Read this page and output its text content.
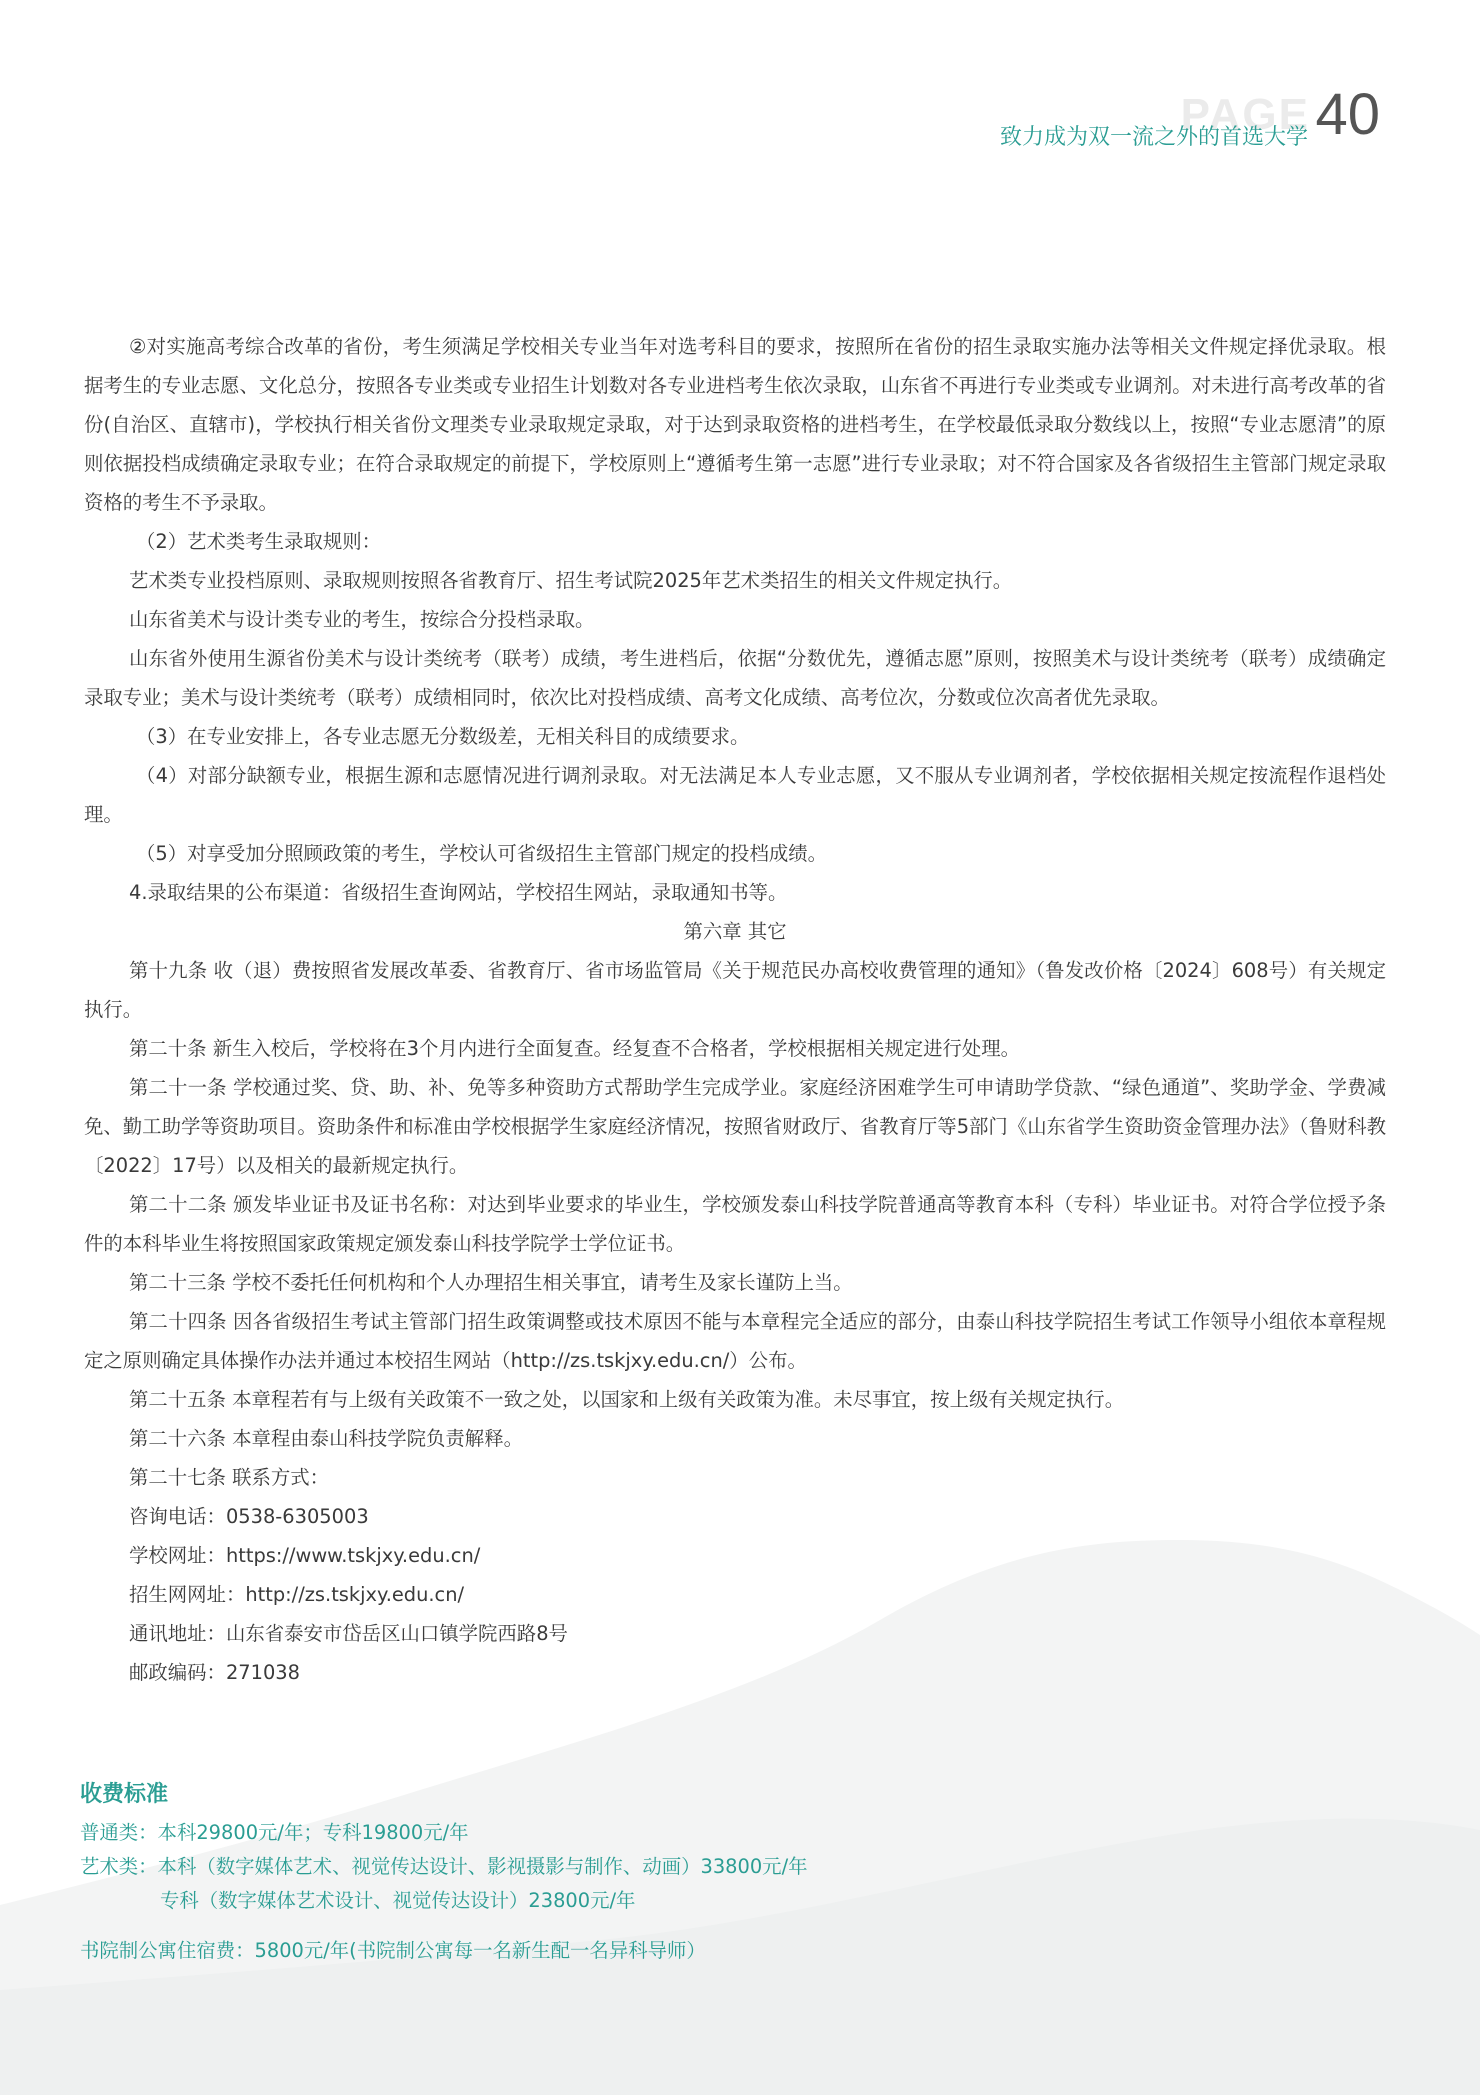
PAGE
致力成为双一流之外的首选大学 40

②对实施高考综合改革的省份，考生须满足学校相关专业当年对选考科目的要求，按照所在省份的招生录取实施办法等相关文件规定择优录取。根据考生的专业志愿、文化总分，按照各专业类或专业招生计划数对各专业进档考生依次录取，山东省不再进行专业类或专业调剂。对未进行高考改革的省份(自治区、直辖市)，学校执行相关省份文理类专业录取规定录取，对于达到录取资格的进档考生，在学校最低录取分数线以上，按照“专业志愿清”的原则依据投档成绩确定录取专业；在符合录取规定的前提下，学校原则上“遵循考生第一志愿”进行专业录取；对不符合国家及各省级招生主管部门规定录取资格的考生不予录取。

（2）艺术类考生录取规则：

艺术类专业投档原则、录取规则按照各省教育厅、招生考试院2025年艺术类招生的相关文件规定执行。

山东省美术与设计类专业的考生，按综合分投档录取。

山东省外使用生源省份美术与设计类统考（联考）成绩，考生进档后，依据“分数优先，遵循志愿”原则，按照美术与设计类统考（联考）成绩确定录取专业；美术与设计类统考（联考）成绩相同时，依次比对投档成绩、高考文化成绩、高考位次，分数或位次高者优先录取。

（3）在专业安排上，各专业志愿无分数级差，无相关科目的成绩要求。

（4）对部分缺额专业，根据生源和志愿情况进行调剂录取。对无法满足本人专业志愿，又不服从专业调剂者，学校依据相关规定按流程作退档处理。

（5）对享受加分照顾政策的考生，学校认可省级招生主管部门规定的投档成绩。

4.录取结果的公布渠道：省级招生查询网站，学校招生网站，录取通知书等。

第六章 其它

第十九条 收（退）费按照省发展改革委、省教育厅、省市场监管局《关于规范民办高校收费管理的通知》（鲁发改价格〔2024〕608号）有关规定执行。

第二十条 新生入校后，学校将在3个月内进行全面复查。经复查不合格者，学校根据相关规定进行处理。

第二十一条 学校通过奖、贷、助、补、免等多种资助方式帮助学生完成学业。家庭经济困难学生可申请助学贷款、“绿色通道”、奖助学金、学费减免、勤工助学等资助项目。资助条件和标准由学校根据学生家庭经济情况，按照省财政厅、省教育厅等5部门《山东省学生资助资金管理办法》（鲁财科教〔2022〕17号）以及相关的最新规定执行。

第二十二条 颁发毕业证书及证书名称：对达到毕业要求的毕业生，学校颁发泰山科技学院普通高等教育本科（专科）毕业证书。对符合学位授予条件的本科毕业生将按照国家政策规定颁发泰山科技学院学士学位证书。

第二十三条 学校不委托任何机构和个人办理招生相关事宜，请考生及家长谨防上当。

第二十四条 因各省级招生考试主管部门招生政策调整或技术原因不能与本章程完全适应的部分，由泰山科技学院招生考试工作领导小组依本章程规定之原则确定具体操作办法并通过本校招生网站（http://zs.tskjxy.edu.cn/）公布。

第二十五条 本章程若有与上级有关政策不一致之处，以国家和上级有关政策为准。未尽事宜，按上级有关规定执行。

第二十六条 本章程由泰山科技学院负责解释。

第二十七条 联系方式：

咨询电话：0538-6305003

学校网址：https://www.tskjxy.edu.cn/

招生网网址：http://zs.tskjxy.edu.cn/

通讯地址：山东省泰安市岱岳区山口镇学院西路8号

邮政编码：271038

收费标准
普通类：本科29800元/年；专科19800元/年
艺术类：本科（数字媒体艺术、视觉传达设计、影视摄影与制作、动画）33800元/年
专科（数字媒体艺术设计、视觉传达设计）23800元/年
书院制公寓住宿费：5800元/年(书院制公寓每一名新生配一名异科导师）
